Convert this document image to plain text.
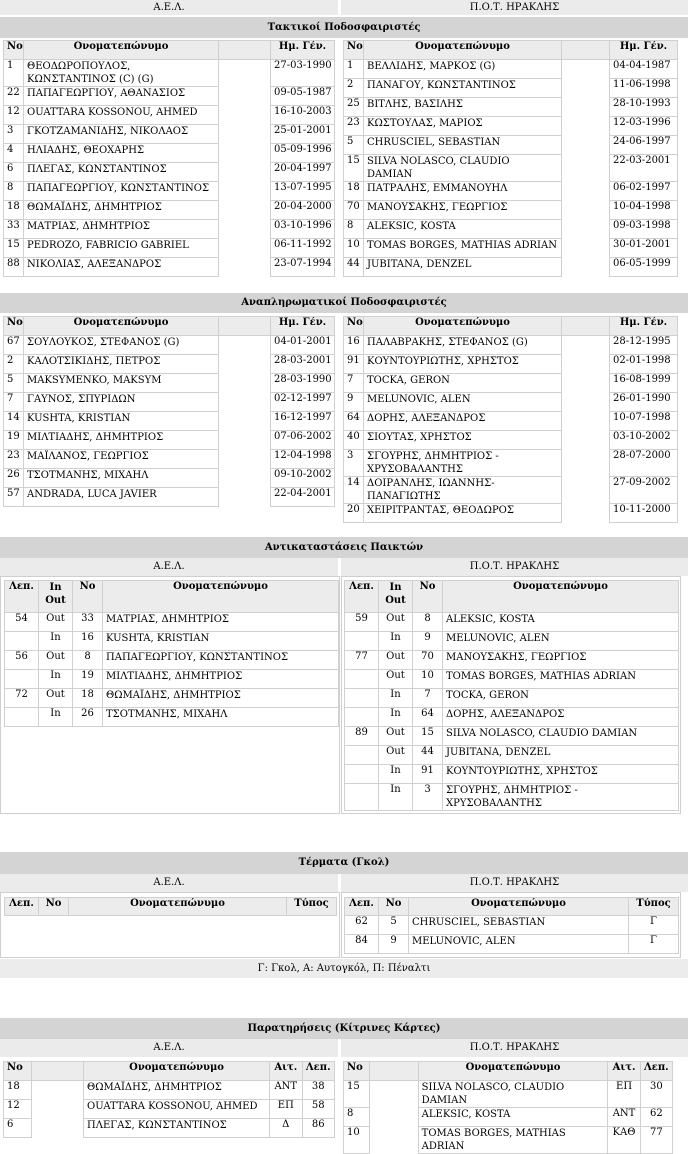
Α.Ε.Λ.	Π.Ο.Τ. ΗΡΑΚΛΗΣ
Τακτικοί Ποδοσφαιριστές
Νο	Ονοματεπώνυμο		Ημ. Γέν.
1	ΘΕΟΔΩΡΟΠΟΥΛΟΣ, ΚΩΝΣΤΑΝΤΙΝΟΣ (C) (G)		27-03-1990
22	ΠΑΠΑΓΕΩΡΓΙΟΥ, ΑΘΑΝΑΣΙΟΣ		09-05-1987
12	OUATTARA KOSSONOU, AHMED		16-10-2003
3	ΓΚΟΤΖΑΜΑΝΙΔΗΣ, ΝΙΚΟΛΑΟΣ		25-01-2001
4	ΗΛΙΑΔΗΣ, ΘΕΟΧΑΡΗΣ		05-09-1996
6	ΠΛΕΓΑΣ, ΚΩΝΣΤΑΝΤΙΝΟΣ		20-04-1997
8	ΠΑΠΑΓΕΩΡΓΙΟΥ, ΚΩΝΣΤΑΝΤΙΝΟΣ		13-07-1995
18	ΘΩΜΑΪΔΗΣ, ΔΗΜΗΤΡΙΟΣ		20-04-2000
33	ΜΑΤΡΙΑΣ, ΔΗΜΗΤΡΙΟΣ		03-10-1996
15	PEDROZO, FABRICIO GABRIEL		06-11-1992
88	ΝΙΚΟΛΙΑΣ, ΑΛΕΞΑΝΔΡΟΣ		23-07-1994
Νο	Ονοματεπώνυμο		Ημ. Γέν.
1	ΒΕΛΛΙΔΗΣ, ΜΑΡΚΟΣ (G)		04-04-1987
2	ΠΑΝΑΓΟΥ, ΚΩΝΣΤΑΝΤΙΝΟΣ		11-06-1998
25	ΒΙΤΛΗΣ, ΒΑΣΙΛΗΣ		28-10-1993
23	ΚΩΣΤΟΥΛΑΣ, ΜΑΡΙΟΣ		12-03-1996
5	CHRUSCIEL, SEBASTIAN		24-06-1997
15	SILVA NOLASCO, CLAUDIO DAMIAN		22-03-2001
18	ΠΑΤΡΑΛΗΣ, ΕΜΜΑΝΟΥΗΛ		06-02-1997
70	ΜΑΝΟΥΣΑΚΗΣ, ΓΕΩΡΓΙΟΣ		10-04-1998
8	ALEKSIC, KOSTA		09-03-1998
10	TOMAS BORGES, MATHIAS ADRIAN		30-01-2001
44	JUBITANA, DENZEL		06-05-1999
Αναπληρωματικοί Ποδοσφαιριστές
Νο	Ονοματεπώνυμο		Ημ. Γέν.
67	ΣΟΥΛΟΥΚΟΣ, ΣΤΕΦΑΝΟΣ (G)		04-01-2001
2	ΚΑΛΟΤΣΙΚΙΔΗΣ, ΠΕΤΡΟΣ		28-03-2001
5	MAKSYMENKO, MAKSYM		28-03-1990
7	ΓΑΥΝΟΣ, ΣΠΥΡΙΔΩΝ		02-12-1997
14	KUSHTA, KRISTIAN		16-12-1997
19	ΜΙΛΤΙΑΔΗΣ, ΔΗΜΗΤΡΙΟΣ		07-06-2002
23	ΜΑΪΛΑΝΟΣ, ΓΕΩΡΓΙΟΣ		12-04-1998
26	ΤΣΟΤΜΑΝΗΣ, ΜΙΧΑΗΛ		09-10-2002
57	ANDRADA, LUCA JAVIER		22-04-2001
Νο	Ονοματεπώνυμο		Ημ. Γέν.
16	ΠΑΛΑΒΡΑΚΗΣ, ΣΤΕΦΑΝΟΣ (G)		28-12-1995
91	ΚΟΥΝΤΟΥΡΙΩΤΗΣ, ΧΡΗΣΤΟΣ		02-01-1998
7	TOCKA, GERON		16-08-1999
9	MELUNOVIC, ALEN		26-01-1990
64	ΔΟΡΗΣ, ΑΛΕΞΑΝΔΡΟΣ		10-07-1998
40	ΣΙΟΥΤΑΣ, ΧΡΗΣΤΟΣ		03-10-2002
3	ΣΓΟΥΡΗΣ, ΔΗΜΗΤΡΙΟΣ - ΧΡΥΣΟΒΑΛΑΝΤΗΣ		28-07-2000
14	ΔΟΙΡΑΝΛΗΣ, ΙΩΑΝΝΗΣ-ΠΑΝΑΓΙΩΤΗΣ		27-09-2002
20	ΧΕΙΡΙΤΡΑΝΤΑΣ, ΘΕΟΔΩΡΟΣ		10-11-2000
Αντικαταστάσεις Παικτών
Α.Ε.Λ.	Π.Ο.Τ. ΗΡΑΚΛΗΣ
Λεπ.	In Out	Νο	Ονοματεπώνυμο
54	Out	33	ΜΑΤΡΙΑΣ, ΔΗΜΗΤΡΙΟΣ
	In	16	KUSHTA, KRISTIAN
56	Out	8	ΠΑΠΑΓΕΩΡΓΙΟΥ, ΚΩΝΣΤΑΝΤΙΝΟΣ
	In	19	ΜΙΛΤΙΑΔΗΣ, ΔΗΜΗΤΡΙΟΣ
72	Out	18	ΘΩΜΑΪΔΗΣ, ΔΗΜΗΤΡΙΟΣ
	In	26	ΤΣΟΤΜΑΝΗΣ, ΜΙΧΑΗΛ
Λεπ.	In Out	Νο	Ονοματεπώνυμο
59	Out	8	ALEKSIC, KOSTA
	In	9	MELUNOVIC, ALEN
77	Out	70	ΜΑΝΟΥΣΑΚΗΣ, ΓΕΩΡΓΙΟΣ
	Out	10	TOMAS BORGES, MATHIAS ADRIAN
	In	7	TOCKA, GERON
	In	64	ΔΟΡΗΣ, ΑΛΕΞΑΝΔΡΟΣ
89	Out	15	SILVA NOLASCO, CLAUDIO DAMIAN
	Out	44	JUBITANA, DENZEL
	In	91	ΚΟΥΝΤΟΥΡΙΩΤΗΣ, ΧΡΗΣΤΟΣ
	In	3	ΣΓΟΥΡΗΣ, ΔΗΜΗΤΡΙΟΣ - ΧΡΥΣΟΒΑΛΑΝΤΗΣ
Τέρματα (Γκολ)
Α.Ε.Λ.	Π.Ο.Τ. ΗΡΑΚΛΗΣ
Λεπ.	Νο	Ονοματεπώνυμο	Τύπος Λεπ.	Νο	Ονοματεπώνυμο	Τύπος
62	5	CHRUSCIEL, SEBASTIAN	Γ
84	9	MELUNOVIC, ALEN	Γ
Γ: Γκολ, Α: Αυτογκόλ, Π: Πέναλτι
Παρατηρήσεις (Κίτρινες Κάρτες)
Α.Ε.Λ.	Π.Ο.Τ. ΗΡΑΚΛΗΣ
Νο		Ονοματεπώνυμο	Αιτ.	Λεπ.
18		ΘΩΜΑΪΔΗΣ, ΔΗΜΗΤΡΙΟΣ	ΑΝΤ	38
12		OUATTARA KOSSONOU, AHMED	ΕΠ	58
6		ΠΛΕΓΑΣ, ΚΩΝΣΤΑΝΤΙΝΟΣ	Δ	86
Νο		Ονοματεπώνυμο	Αιτ.	Λεπ.
15		SILVA NOLASCO, CLAUDIO DAMIAN	ΕΠ	30
8		ALEKSIC, KOSTA	ΑΝΤ	62
10		TOMAS BORGES, MATHIAS ADRIAN	ΚΑΘ	77
